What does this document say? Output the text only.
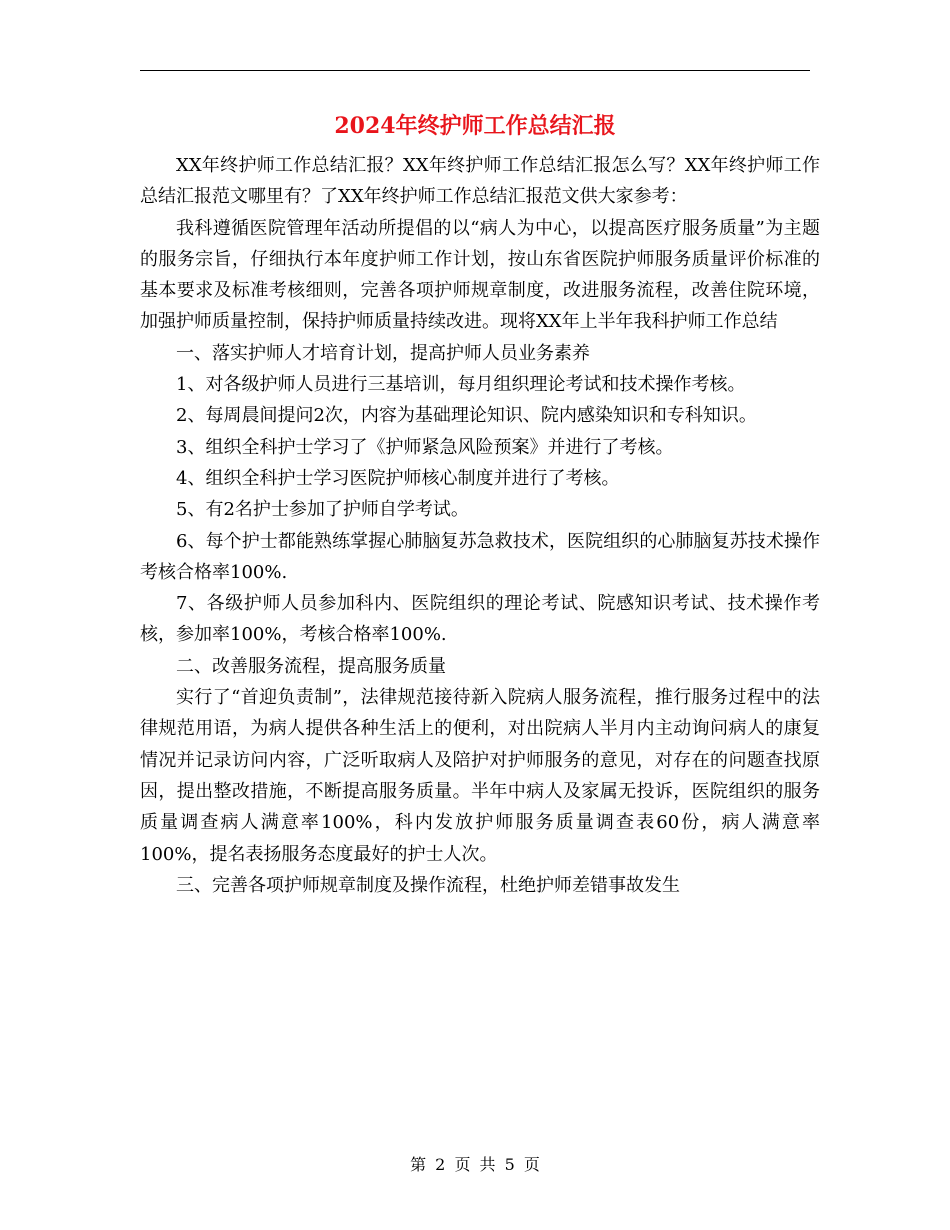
2024年终护师工作总结汇报

XX年终护师工作总结汇报？XX年终护师工作总结汇报怎么写？XX年终护师工作总结汇报范文哪里有？了XX年终护师工作总结汇报范文供大家参考：

我科遵循医院管理年活动所提倡的以“病人为中心，以提高医疗服务质量”为主题的服务宗旨，仔细执行本年度护师工作计划，按山东省医院护师服务质量评价标准的基本要求及标准考核细则，完善各项护师规章制度，改进服务流程，改善住院环境，加强护师质量控制，保持护师质量持续改进。现将XX年上半年我科护师工作总结

一、落实护师人才培育计划，提高护师人员业务素养

1、对各级护师人员进行三基培训，每月组织理论考试和技术操作考核。

2、每周晨间提问2次，内容为基础理论知识、院内感染知识和专科知识。

3、组织全科护士学习了《护师紧急风险预案》并进行了考核。

4、组织全科护士学习医院护师核心制度并进行了考核。

5、有2名护士参加了护师自学考试。

6、每个护士都能熟练掌握心肺脑复苏急救技术，医院组织的心肺脑复苏技术操作考核合格率100%.

7、各级护师人员参加科内、医院组织的理论考试、院感知识考试、技术操作考核，参加率100%，考核合格率100%.

二、改善服务流程，提高服务质量

实行了“首迎负责制”，法律规范接待新入院病人服务流程，推行服务过程中的法律规范用语，为病人提供各种生活上的便利，对出院病人半月内主动询问病人的康复情况并记录访问内容，广泛听取病人及陪护对护师服务的意见，对存在的问题查找原因，提出整改措施，不断提高服务质量。半年中病人及家属无投诉，医院组织的服务质量调查病人满意率100%，科内发放护师服务质量调查表60份，病人满意率100%，提名表扬服务态度最好的护士人次。

三、完善各项护师规章制度及操作流程，杜绝护师差错事故发生

第 2 页 共 5 页
